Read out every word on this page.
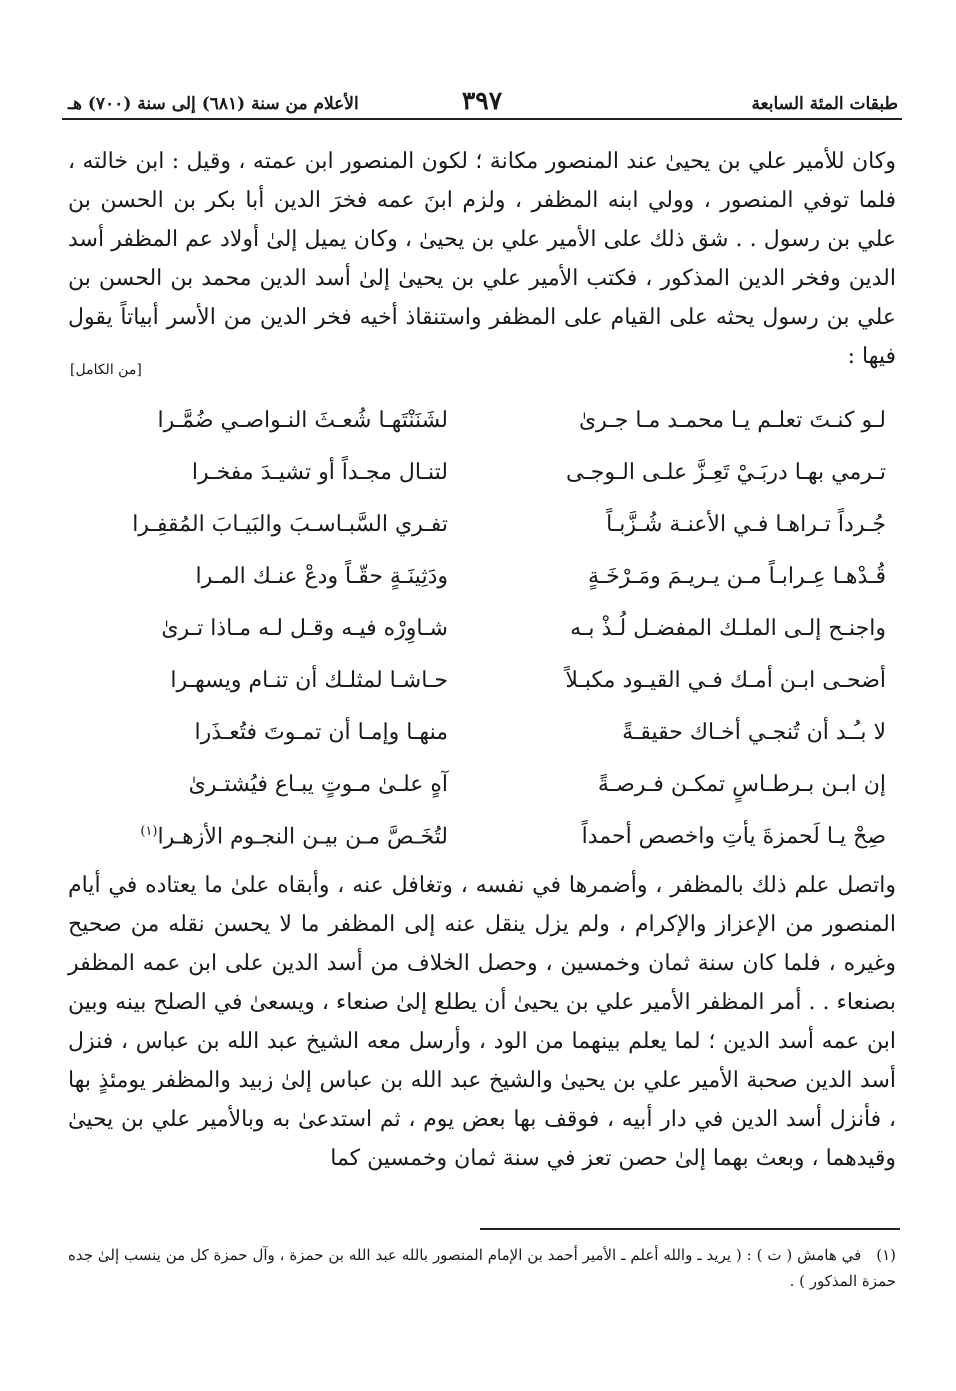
طبقات المئة السابعة
٣٩٧
الأعلام من سنة (٦٨١) إلى سنة (٧٠٠) هـ

وكان للأمير علي بن يحيىٰ عند المنصور مكانة ؛ لكون المنصور ابن عمته ، وقيل : ابن خالته ، فلما توفي المنصور ، وولي ابنه المظفر ، ولزم ابنَ عمه فخرَ الدين أبا بكر بن الحسن بن علي بن رسول . . شق ذلك على الأمير علي بن يحيىٰ ، وكان يميل إلىٰ أولاد عم المظفر أسد الدين وفخر الدين المذكور ، فكتب الأمير علي بن يحيىٰ إلىٰ أسد الدين محمد بن الحسن بن علي بن رسول يحثه على القيام على المظفر واستنقاذ أخيه فخر الدين من الأسر أبياتاً يقول فيها :

[من الكامل]
لـو كنـتَ تعلـم يـا محمـد مـا جـرىٰ
لشَنَنْتَهـا شُعـثَ النـواصـي ضُمَّـرا
تـرمي بهـا دربَـيْ تَعِـزَّ علـى الـوجـى
لتنـال مجـداً أو تشيـدَ مفخـرا
جُـرداً تـراهـا فـي الأعنـة شُـزَّبـاً
تفـري السَّبـاسـبَ والبَيـابَ المُقفِـرا
قُـدْهـا عِـرابـاً مـن يـريـمَ ومَـرْخَـةٍ
ودَثِينَـةٍ حقّـاً ودعْ عنـك المـرا
واجنـح إلـى الملـك المفضـل لُـذْ بـه
شـاوِرْه فيـه وقـل لـه مـاذا تـرىٰ
أضحـى ابـن أمـك فـي القيـود مكبـلاً
حـاشـا لمثلـك أن تنـام ويسهـرا
لا بـُـد أن تُنجـي أخـاك حقيقـةً
منهـا وإمـا أن تمـوتَ فتُعـذَرا
إن ابـن بـرطـاسٍ تمكـن فـرصـةً
آهٍ علـىٰ مـوتٍ يبـاع فيُشتـرىٰ
صِحْ يـا لَحمزةَ يأتِ واخصص أحمداً
لتُخَـصَّ مـن بيـن النجـوم الأزهـرا$^{(١)}$

واتصل علم ذلك بالمظفر ، وأضمرها في نفسه ، وتغافل عنه ، وأبقاه علىٰ ما يعتاده في أيام المنصور من الإعزاز والإكرام ، ولم يزل ينقل عنه إلى المظفر ما لا يحسن نقله من صحيح وغيره ، فلما كان سنة ثمان وخمسين ، وحصل الخلاف من أسد الدين على ابن عمه المظفر بصنعاء . . أمر المظفر الأمير علي بن يحيىٰ أن يطلع إلىٰ صنعاء ، ويسعىٰ في الصلح بينه وبين ابن عمه أسد الدين ؛ لما يعلم بينهما من الود ، وأرسل معه الشيخ عبد الله بن عباس ، فنزل أسد الدين صحبة الأمير علي بن يحيىٰ والشيخ عبد الله بن عباس إلىٰ زبيد والمظفر يومئذٍ بها ، فأنزل أسد الدين في دار أبيه ، فوقف بها بعض يوم ، ثم استدعىٰ به وبالأمير علي بن يحيىٰ وقيدهما ، وبعث بهما إلىٰ حصن تعز في سنة ثمان وخمسين كما

(١) في هامش ( ت ) : ( يريد ـ والله أعلم ـ الأمير أحمد بن الإمام المنصور بالله عبد الله بن حمزة ، وآل حمزة كل من ينسب إلىٰ جده حمزة المذكور ) .
